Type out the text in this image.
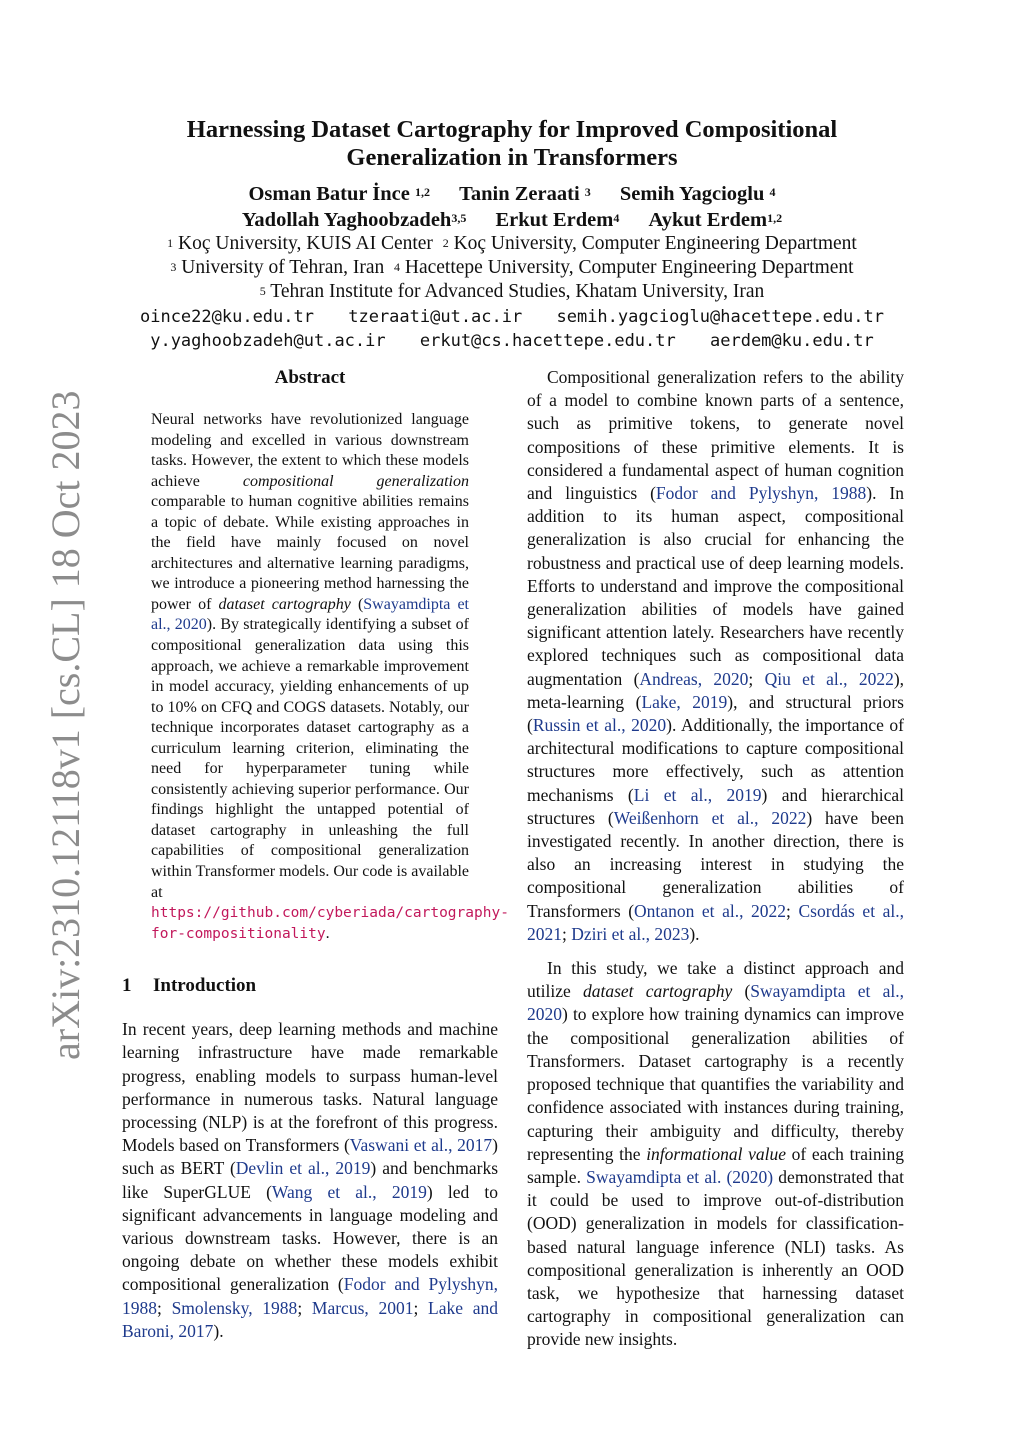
arXiv:2310.12118v1 [cs.CL] 18 Oct 2023
Harnessing Dataset Cartography for Improved Compositional
Generalization in Transformers
Osman Batur İnce $^{1,2}$ Tanin Zeraati $^3$ Semih Yagcioglu $^4$
Yadollah Yaghoobzadeh$^{3,5}$ Erkut Erdem$^4$ Aykut Erdem$^{1,2}$
$^1$ Koç University, KUIS AI Center $^2$ Koç University, Computer Engineering Department
$^3$ University of Tehran, Iran $^4$ Hacettepe University, Computer Engineering Department
$^5$ Tehran Institute for Advanced Studies, Khatam University, Iran
oince22@ku.edu.tr tzeraati@ut.ac.ir semih.yagcioglu@hacettepe.edu.tr
y.yaghoobzadeh@ut.ac.ir erkut@cs.hacettepe.edu.tr aerdem@ku.edu.tr
Abstract
Neural networks have revolutionized language modeling and excelled in various downstream tasks. However, the extent to which these models achieve compositional generalization comparable to human cognitive abilities remains a topic of debate. While existing approaches in the field have mainly focused on novel architectures and alternative learning paradigms, we introduce a pioneering method harnessing the power of dataset cartography (Swayamdipta et al., 2020). By strategically identifying a subset of compositional generalization data using this approach, we achieve a remarkable improvement in model accuracy, yielding enhancements of up to 10% on CFQ and COGS datasets. Notably, our technique incorporates dataset cartography as a curriculum learning criterion, eliminating the need for hyperparameter tuning while consistently achieving superior performance. Our findings highlight the untapped potential of dataset cartography in unleashing the full capabilities of compositional generalization within Transformer models. Our code is available at https://github.com/cyberiada/cartography-for-compositionality.
1 Introduction

In recent years, deep learning methods and machine learning infrastructure have made remarkable progress, enabling models to surpass human-level performance in numerous tasks. Natural language processing (NLP) is at the forefront of this progress. Models based on Transformers (Vaswani et al., 2017) such as BERT (Devlin et al., 2019) and benchmarks like SuperGLUE (Wang et al., 2019) led to significant advancements in language modeling and various downstream tasks. However, there is an ongoing debate on whether these models exhibit compositional generalization (Fodor and Pylyshyn, 1988; Smolensky, 1988; Marcus, 2001; Lake and Baroni, 2017).

Compositional generalization refers to the ability of a model to combine known parts of a sentence, such as primitive tokens, to generate novel compositions of these primitive elements. It is considered a fundamental aspect of human cognition and linguistics (Fodor and Pylyshyn, 1988). In addition to its human aspect, compositional generalization is also crucial for enhancing the robustness and practical use of deep learning models. Efforts to understand and improve the compositional generalization abilities of models have gained significant attention lately. Researchers have recently explored techniques such as compositional data augmentation (Andreas, 2020; Qiu et al., 2022), meta-learning (Lake, 2019), and structural priors (Russin et al., 2020). Additionally, the importance of architectural modifications to capture compositional structures more effectively, such as attention mechanisms (Li et al., 2019) and hierarchical structures (Weißenhorn et al., 2022) have been investigated recently. In another direction, there is also an increasing interest in studying the compositional generalization abilities of Transformers (Ontanon et al., 2022; Csordás et al., 2021; Dziri et al., 2023).

In this study, we take a distinct approach and utilize dataset cartography (Swayamdipta et al., 2020) to explore how training dynamics can improve the compositional generalization abilities of Transformers. Dataset cartography is a recently proposed technique that quantifies the variability and confidence associated with instances during training, capturing their ambiguity and difficulty, thereby representing the informational value of each training sample. Swayamdipta et al. (2020) demonstrated that it could be used to improve out-of-distribution (OOD) generalization in models for classification-based natural language inference (NLI) tasks. As compositional generalization is inherently an OOD task, we hypothesize that harnessing dataset cartography in compositional generalization can provide new insights.
